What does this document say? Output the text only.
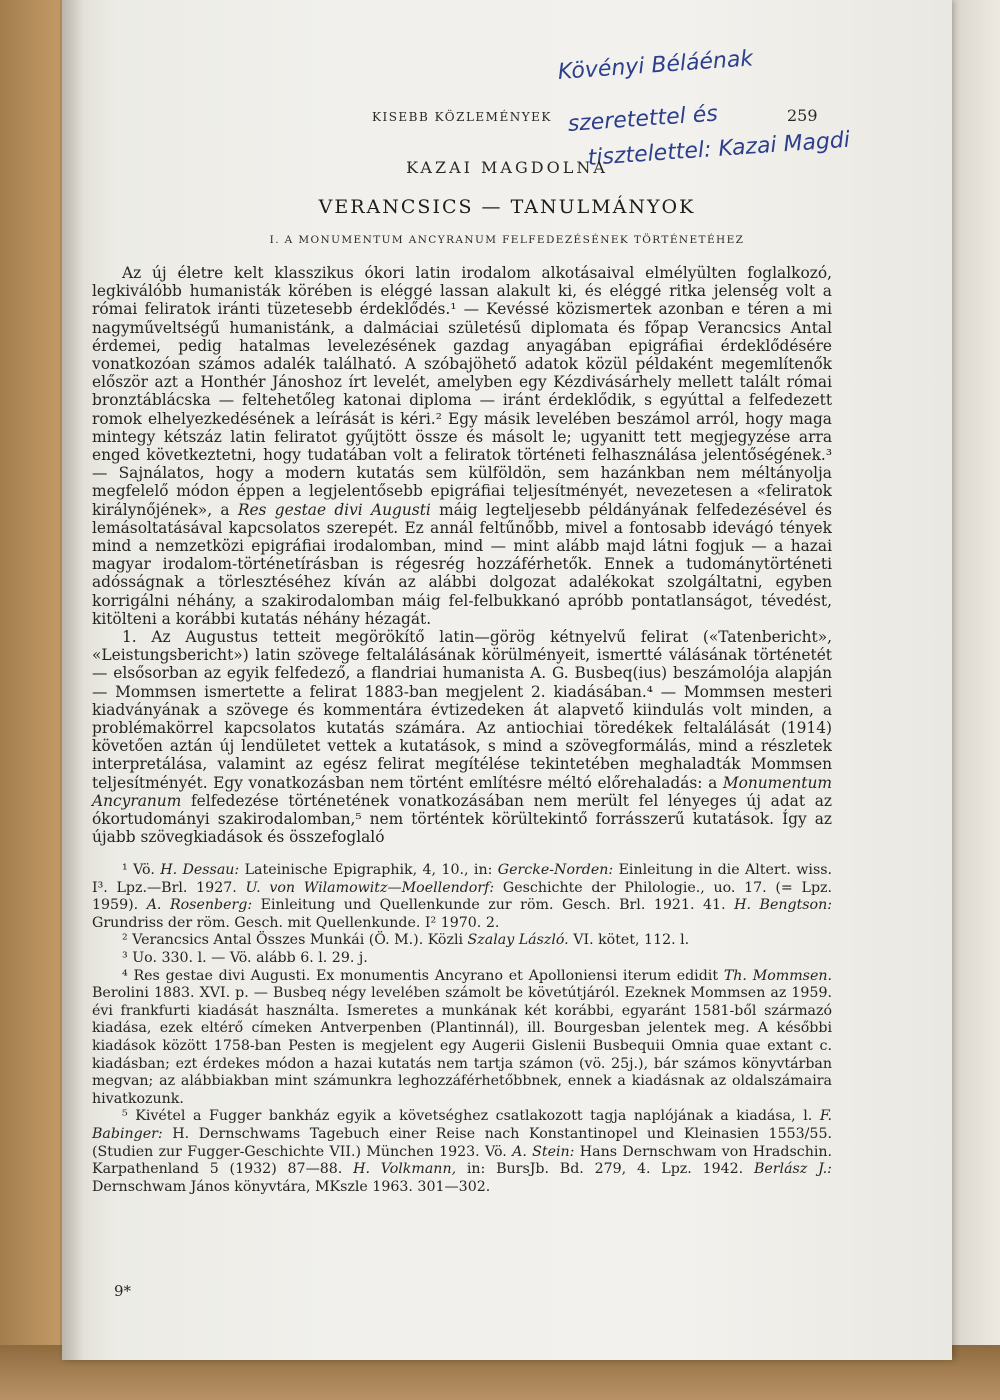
KISEBB KÖZLEMÉNYEK	259
Kövényi Béláénak
szeretettel és
tisztelettel: Kazai Magdi
KAZAI MAGDOLNA
VERANCSICS — TANULMÁNYOK
I. A MONUMENTUM ANCYRANUM FELFEDEZÉSÉNEK TÖRTÉNETÉHEZ

Az új életre kelt klasszikus ókori latin irodalom alkotásaival elmélyülten foglalkozó, legkiválóbb humanisták körében is eléggé lassan alakult ki, és eléggé ritka jelenség volt a római feliratok iránti tüzetesebb érdeklődés.¹ — Kevéssé közismertek azonban e téren a mi nagyműveltségű humanistánk, a dalmáciai születésű diplomata és főpap Verancsics Antal érdemei, pedig hatalmas levelezésének gazdag anyagában epigráfiai érdeklődésére vonatkozóan számos adalék található. A szóbajöhető adatok közül példaként megemlítenők először azt a Honthér Jánoshoz írt levelét, amelyben egy Kézdivásárhely mellett talált római bronztáblácska — feltehetőleg katonai diploma — iránt érdeklődik, s egyúttal a felfedezett romok elhelyezkedésének a leírását is kéri.² Egy másik levelében beszámol arról, hogy maga mintegy kétszáz latin feliratot gyűjtött össze és másolt le; ugyanitt tett megjegyzése arra enged következtetni, hogy tudatában volt a feliratok történeti felhasználása jelentőségének.³ — Sajnálatos, hogy a modern kutatás sem külföldön, sem hazánkban nem méltányolja megfelelő módon éppen a legjelentősebb epigráfiai teljesítményét, nevezetesen a «feliratok királynőjének», a Res gestae divi Augusti máig legteljesebb példányának felfedezésével és lemásoltatásával kapcsolatos szerepét. Ez annál feltűnőbb, mivel a fontosabb idevágó tények mind a nemzetközi epigráfiai irodalomban, mind — mint alább majd látni fogjuk — a hazai magyar irodalom-történetírásban is régesrég hozzáférhetők. Ennek a tudománytörténeti adósságnak a törlesztéséhez kíván az alábbi dolgozat adalékokat szolgáltatni, egyben korrigálni néhány, a szakirodalomban máig fel-felbukkanó apróbb pontatlanságot, tévedést, kitölteni a korábbi kutatás néhány hézagát.

1. Az Augustus tetteit megörökítő latin—görög kétnyelvű felirat («Tatenbericht», «Leistungsbericht») latin szövege feltalálásának körülményeit, ismertté válásának történetét — elsősorban az egyik felfedező, a flandriai humanista A. G. Busbeq(ius) beszámolója alapján — Mommsen ismertette a felirat 1883-ban megjelent 2. kiadásában.⁴ — Mommsen mesteri kiadványának a szövege és kommentára évtizedeken át alapvető kiindulás volt minden, a problémakörrel kapcsolatos kutatás számára. Az antiochiai töredékek feltalálását (1914) követően aztán új lendületet vettek a kutatások, s mind a szövegformálás, mind a részletek interpretálása, valamint az egész felirat megítélése tekintetében meghaladták Mommsen teljesítményét. Egy vonatkozásban nem történt említésre méltó előrehaladás: a Monumentum Ancyranum felfedezése történetének vonatkozásában nem merült fel lényeges új adat az ókortudományi szakirodalomban,⁵ nem történtek körültekintő forrásszerű kutatások. Így az újabb szövegkiadások és összefoglaló

¹ Vö. H. Dessau: Lateinische Epigraphik, 4, 10., in: Gercke-Norden: Einleitung in die Altert. wiss. I³. Lpz.—Brl. 1927. U. von Wilamowitz—Moellendorf: Geschichte der Philologie., uo. 17. (= Lpz. 1959). A. Rosenberg: Einleitung und Quellenkunde zur röm. Gesch. Brl. 1921. 41. H. Bengtson: Grundriss der röm. Gesch. mit Quellenkunde. I² 1970. 2.

² Verancsics Antal Összes Munkái (Ö. M.). Közli Szalay László. VI. kötet, 112. l.

³ Uo. 330. l. — Vö. alább 6. l. 29. j.

⁴ Res gestae divi Augusti. Ex monumentis Ancyrano et Apolloniensi iterum edidit Th. Mommsen. Berolini 1883. XVI. p. — Busbeq négy levelében számolt be követútjáról. Ezeknek Mommsen az 1959. évi frankfurti kiadását használta. Ismeretes a munkának két korábbi, egyaránt 1581-ből származó kiadása, ezek eltérő címeken Antverpenben (Plantinnál), ill. Bourgesban jelentek meg. A későbbi kiadások között 1758-ban Pesten is megjelent egy Augerii Gislenii Busbequii Omnia quae extant c. kiadásban; ezt érdekes módon a hazai kutatás nem tartja számon (vö. 25j.), bár számos könyvtárban megvan; az alábbiakban mint számunkra leghozzáférhetőbbnek, ennek a kiadásnak az oldalszámaira hivatkozunk.

⁵ Kivétel a Fugger bankház egyik a követséghez csatlakozott tagja naplójának a kiadása, l. F. Babinger: H. Dernschwams Tagebuch einer Reise nach Konstantinopel und Kleinasien 1553/55. (Studien zur Fugger-Geschichte VII.) München 1923. Vö. A. Stein: Hans Dernschwam von Hradschin. Karpathenland 5 (1932) 87—88. H. Volkmann, in: BursJb. Bd. 279, 4. Lpz. 1942. Berlász J.: Dernschwam János könyvtára, MKszle 1963. 301—302.

9*
